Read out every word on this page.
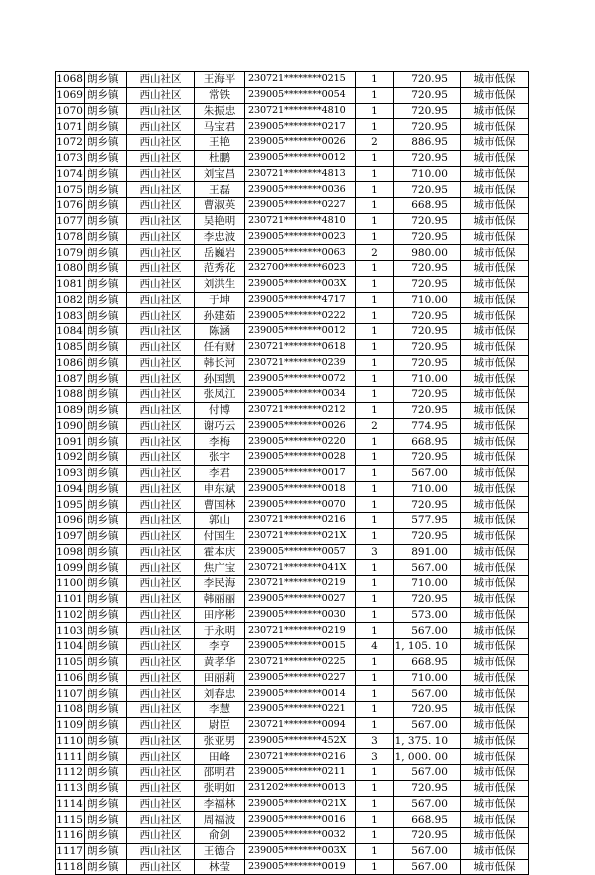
1068	朗乡镇	西山社区	王海平	230721********0215	1	720.95	城市低保
1069	朗乡镇	西山社区	常铁	239005********0054	1	720.95	城市低保
1070	朗乡镇	西山社区	朱振忠	230721********4810	1	720.95	城市低保
1071	朗乡镇	西山社区	马宝君	239005********0217	1	720.95	城市低保
1072	朗乡镇	西山社区	王艳	239005********0026	2	886.95	城市低保
1073	朗乡镇	西山社区	杜鹏	239005********0012	1	720.95	城市低保
1074	朗乡镇	西山社区	刘宝昌	230721********4813	1	710.00	城市低保
1075	朗乡镇	西山社区	王磊	239005********0036	1	720.95	城市低保
1076	朗乡镇	西山社区	曹淑英	239005********0227	1	668.95	城市低保
1077	朗乡镇	西山社区	吴艳明	230721********4810	1	720.95	城市低保
1078	朗乡镇	西山社区	李忠波	239005********0023	1	720.95	城市低保
1079	朗乡镇	西山社区	岳巍岩	239005********0063	2	980.00	城市低保
1080	朗乡镇	西山社区	范秀花	232700********6023	1	720.95	城市低保
1081	朗乡镇	西山社区	刘洪生	239005********003X	1	720.95	城市低保
1082	朗乡镇	西山社区	于坤	239005********4717	1	710.00	城市低保
1083	朗乡镇	西山社区	孙建茹	239005********0222	1	720.95	城市低保
1084	朗乡镇	西山社区	陈涵	239005********0012	1	720.95	城市低保
1085	朗乡镇	西山社区	任有财	230721********0618	1	720.95	城市低保
1086	朗乡镇	西山社区	韩长河	230721********0239	1	720.95	城市低保
1087	朗乡镇	西山社区	孙国凯	239005********0072	1	710.00	城市低保
1088	朗乡镇	西山社区	张凤江	239005********0034	1	720.95	城市低保
1089	朗乡镇	西山社区	付博	230721********0212	1	720.95	城市低保
1090	朗乡镇	西山社区	谢巧云	239005********0026	2	774.95	城市低保
1091	朗乡镇	西山社区	李梅	239005********0220	1	668.95	城市低保
1092	朗乡镇	西山社区	张宇	239005********0028	1	720.95	城市低保
1093	朗乡镇	西山社区	李君	239005********0017	1	567.00	城市低保
1094	朗乡镇	西山社区	申东斌	239005********0018	1	710.00	城市低保
1095	朗乡镇	西山社区	曹国林	239005********0070	1	720.95	城市低保
1096	朗乡镇	西山社区	郭山	230721********0216	1	577.95	城市低保
1097	朗乡镇	西山社区	付国生	230721********021X	1	720.95	城市低保
1098	朗乡镇	西山社区	霍本庆	239005********0057	3	891.00	城市低保
1099	朗乡镇	西山社区	焦广宝	230721********041X	1	567.00	城市低保
1100	朗乡镇	西山社区	李民海	230721********0219	1	710.00	城市低保
1101	朗乡镇	西山社区	韩丽丽	239005********0027	1	720.95	城市低保
1102	朗乡镇	西山社区	田序彬	239005********0030	1	573.00	城市低保
1103	朗乡镇	西山社区	于永明	230721********0219	1	567.00	城市低保
1104	朗乡镇	西山社区	李亨	239005********0015	4	1, 105. 10	城市低保
1105	朗乡镇	西山社区	黄孝华	230721********0225	1	668.95	城市低保
1106	朗乡镇	西山社区	田丽莉	239005********0227	1	710.00	城市低保
1107	朗乡镇	西山社区	刘春忠	239005********0014	1	567.00	城市低保
1108	朗乡镇	西山社区	李慧	239005********0221	1	720.95	城市低保
1109	朗乡镇	西山社区	尉臣	230721********0094	1	567.00	城市低保
1110	朗乡镇	西山社区	张亚男	239005********452X	3	1, 375. 10	城市低保
1111	朗乡镇	西山社区	田峰	230721********0216	3	1, 000. 00	城市低保
1112	朗乡镇	西山社区	邵明君	239005********0211	1	567.00	城市低保
1113	朗乡镇	西山社区	张明如	231202********0013	1	720.95	城市低保
1114	朗乡镇	西山社区	李福林	239005********021X	1	567.00	城市低保
1115	朗乡镇	西山社区	周福波	239005********0016	1	668.95	城市低保
1116	朗乡镇	西山社区	俞剑	239005********0032	1	720.95	城市低保
1117	朗乡镇	西山社区	王德合	239005********003X	1	567.00	城市低保
1118	朗乡镇	西山社区	林莹	239005********0019	1	567.00	城市低保
